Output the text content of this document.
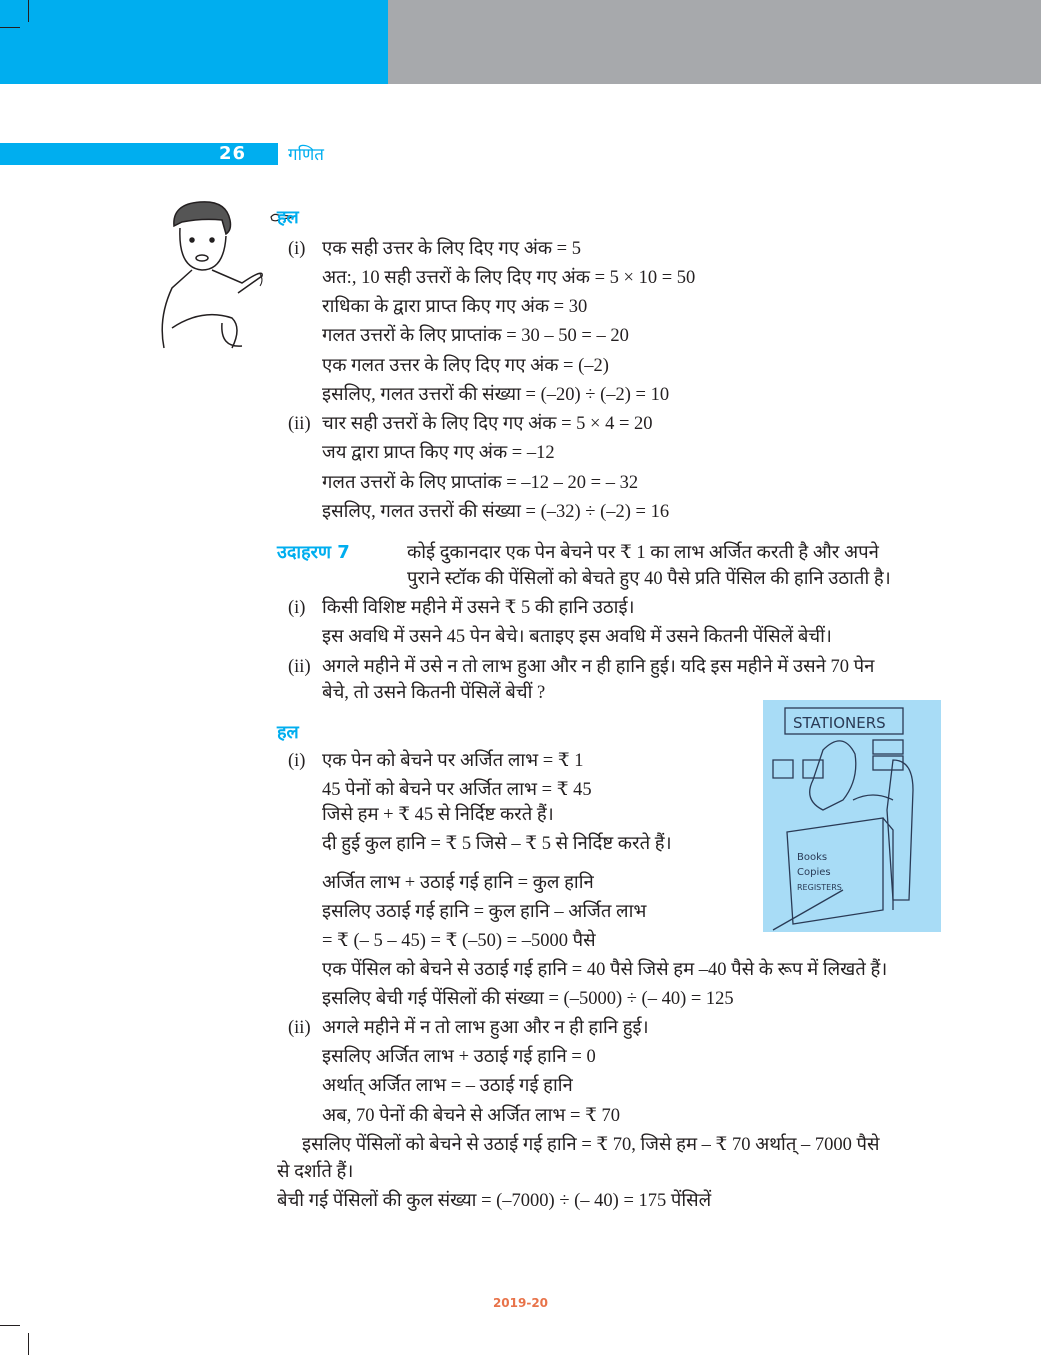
26 गणित
हल
(i) एक सही उत्तर के लिए दिए गए अंक = 5
अत:, 10 सही उत्तरों के लिए दिए गए अंक = 5 × 10 = 50
राधिका के द्वारा प्राप्त किए गए अंक = 30
गलत उत्तरों के लिए प्राप्तांक = 30 – 50 = – 20
एक गलत उत्तर के लिए दिए गए अंक = (–2)
इसलिए, गलत उत्तरों की संख्या = (–20) ÷ (–2) = 10
(ii) चार सही उत्तरों के लिए दिए गए अंक = 5 × 4 = 20
जय द्वारा प्राप्त किए गए अंक = –12
गलत उत्तरों के लिए प्राप्तांक = –12 – 20 = – 32
इसलिए, गलत उत्तरों की संख्या = (–32) ÷ (–2) = 16
उदाहरण 7	कोई दुकानदार एक पेन बेचने पर ₹ 1 का लाभ अर्जित करती है और अपने
पुराने स्टॉक की पेंसिलों को बेचते हुए 40 पैसे प्रति पेंसिल की हानि उठाती है।
(i) किसी विशिष्ट महीने में उसने ₹ 5 की हानि उठाई।
इस अवधि में उसने 45 पेन बेचे। बताइए इस अवधि में उसने कितनी पेंसिलें बेचीं।
(ii) अगले महीने में उसे न तो लाभ हुआ और न ही हानि हुई। यदि इस महीने में उसने 70 पेन
बेचे, तो उसने कितनी पेंसिलें बेचीं ?
STATIONERS
Books
Copies
REGISTERS
हल
(i) एक पेन को बेचने पर अर्जित लाभ = ₹ 1
45 पेनों को बेचने पर अर्जित लाभ = ₹ 45
जिसे हम + ₹ 45 से निर्दिष्ट करते हैं।
दी हुई कुल हानि = ₹ 5 जिसे – ₹ 5 से निर्दिष्ट करते हैं।
अर्जित लाभ + उठाई गई हानि = कुल हानि
इसलिए उठाई गई हानि = कुल हानि – अर्जित लाभ
= ₹ (– 5 – 45) = ₹ (–50) = –5000 पैसे
एक पेंसिल को बेचने से उठाई गई हानि = 40 पैसे जिसे हम –40 पैसे के रूप में लिखते हैं।
इसलिए बेची गई पेंसिलों की संख्या = (–5000) ÷ (– 40) = 125
(ii) अगले महीने में न तो लाभ हुआ और न ही हानि हुई।
इसलिए अर्जित लाभ + उठाई गई हानि = 0
अर्थात् अर्जित लाभ = – उठाई गई हानि
अब, 70 पेनों की बेचने से अर्जित लाभ = ₹ 70
इसलिए पेंसिलों को बेचने से उठाई गई हानि = ₹ 70, जिसे हम – ₹ 70 अर्थात् – 7000 पैसे
से दर्शाते हैं।
बेची गई पेंसिलों की कुल संख्या = (–7000) ÷ (– 40) = 175 पेंसिलें
2019-20
